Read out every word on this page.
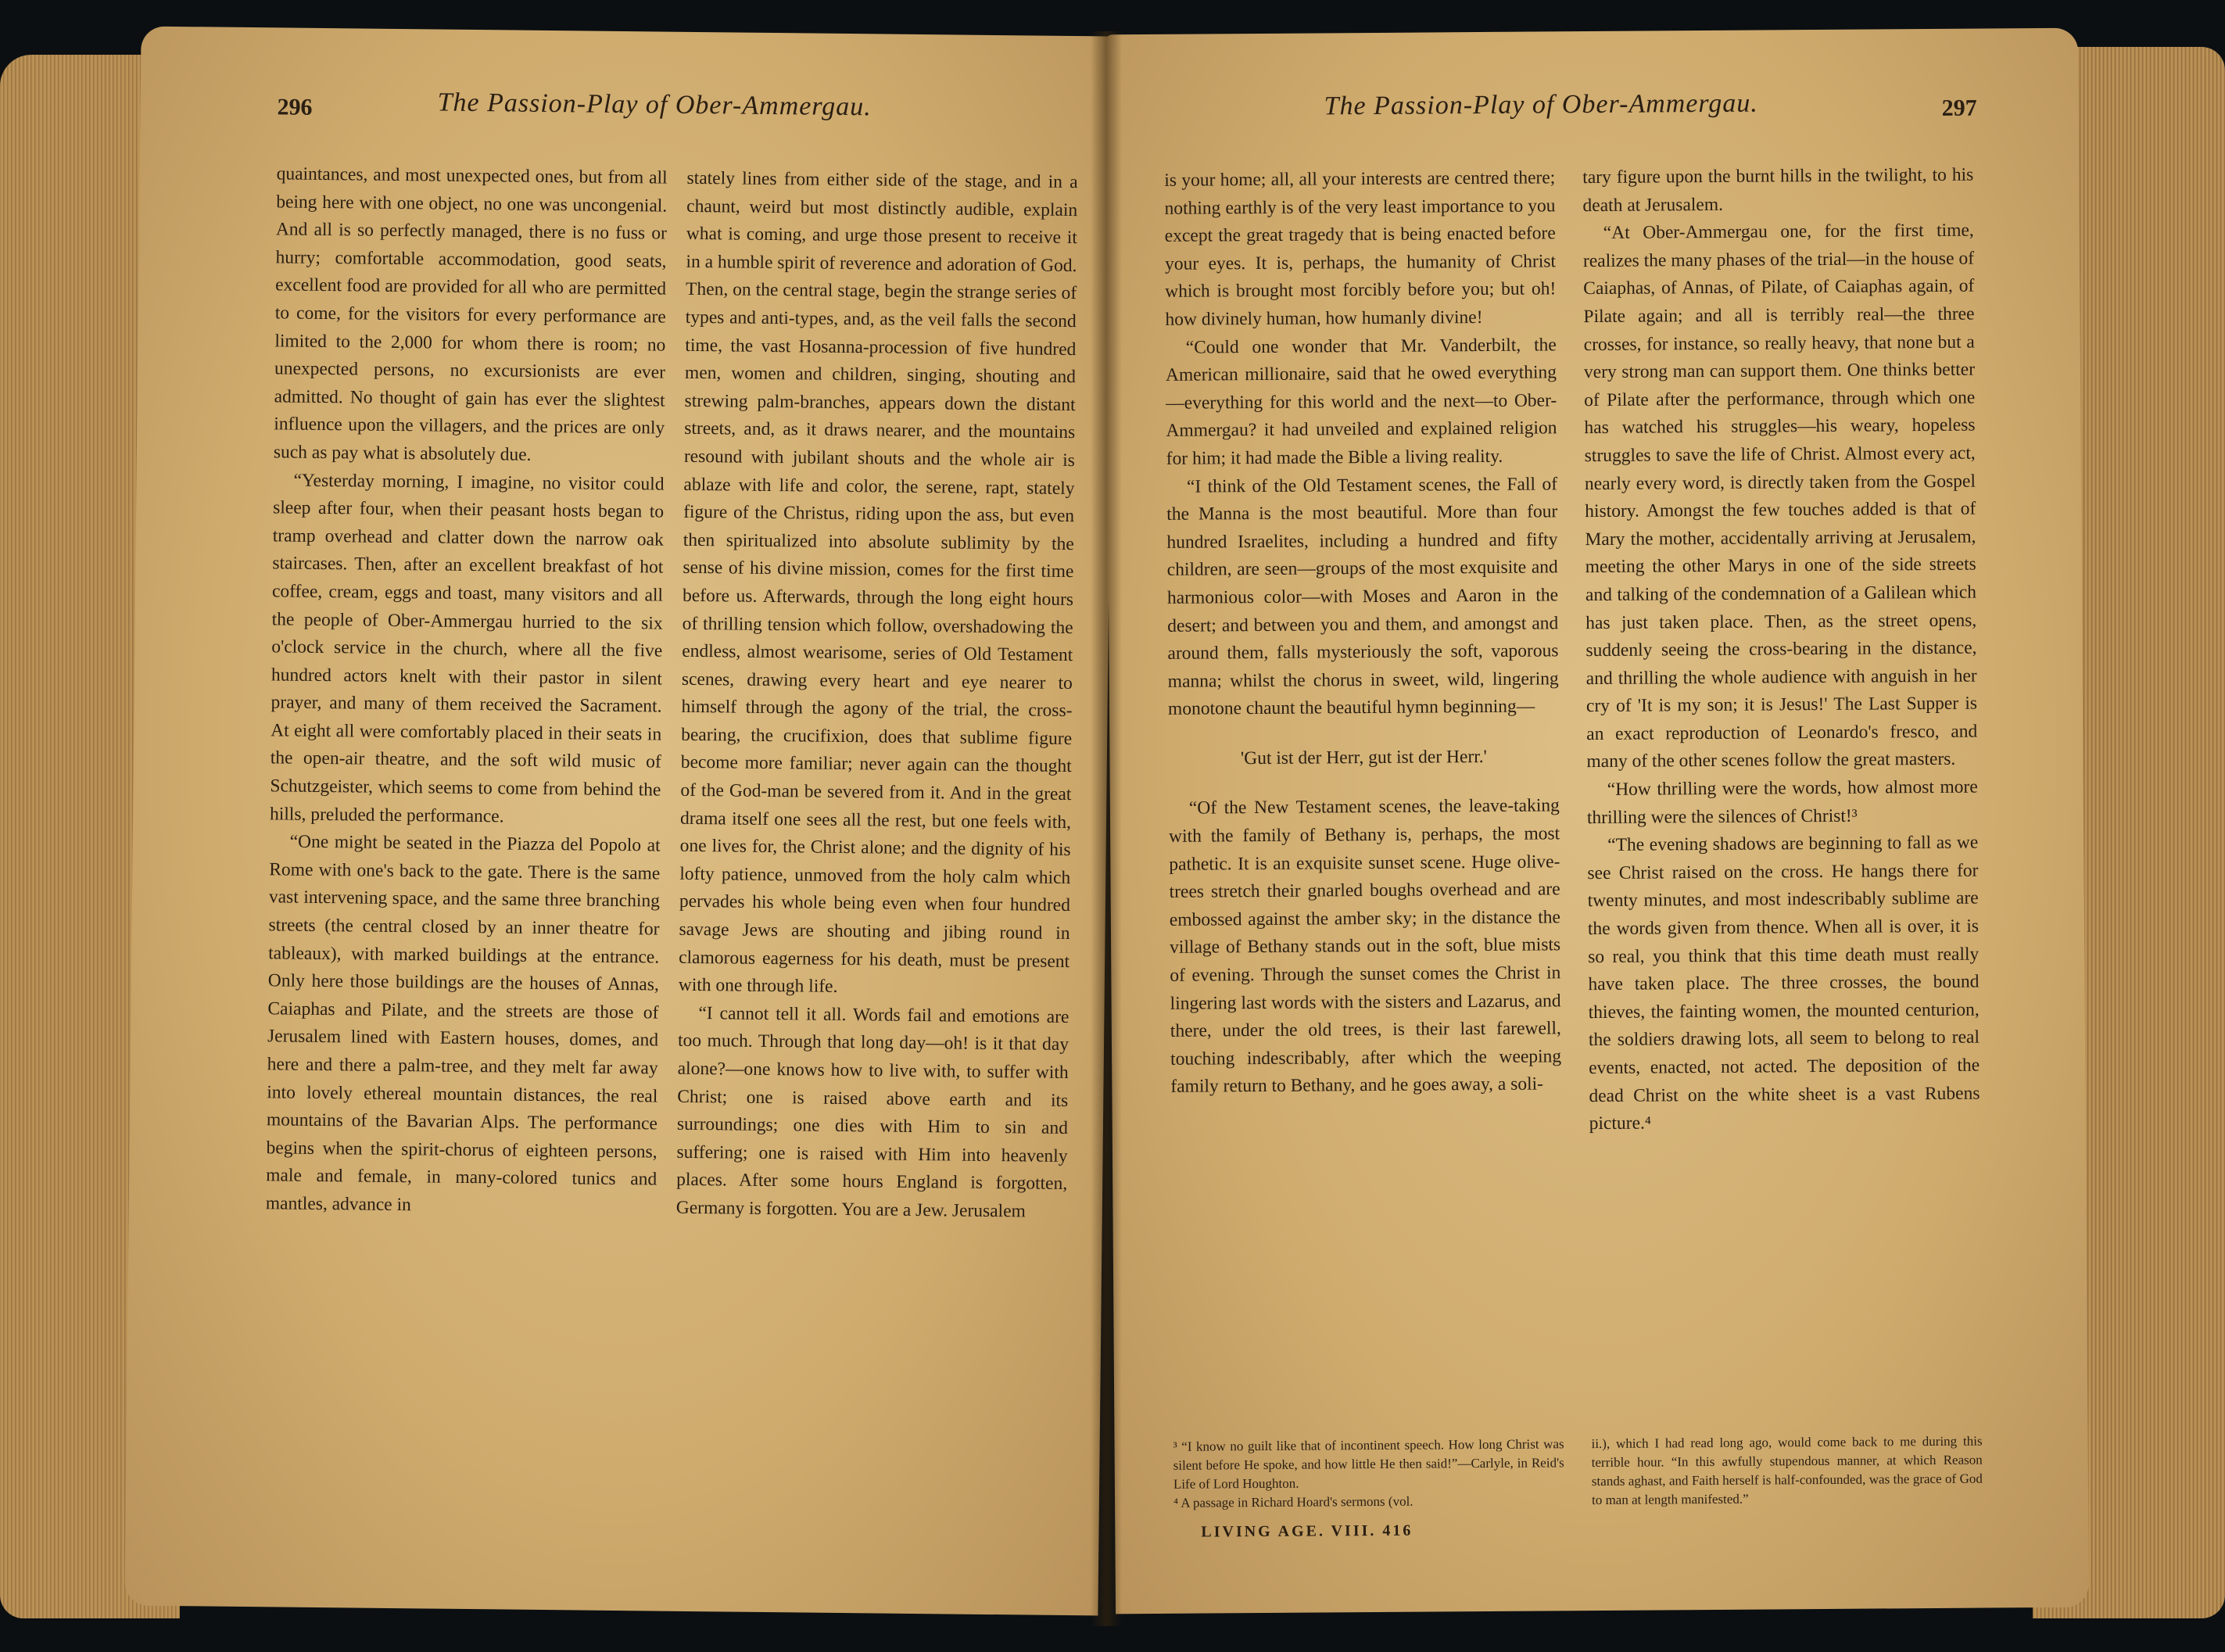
296	The Passion-Play of Ober-Ammergau.

quaintances, and most unexpected ones, but from all being here with one object, no one was uncongenial. And all is so perfectly managed, there is no fuss or hurry; comfortable accommodation, good seats, excellent food are provided for all who are permitted to come, for the visitors for every performance are limited to the 2,000 for whom there is room; no unexpected persons, no excursionists are ever admitted. No thought of gain has ever the slightest influence upon the villagers, and the prices are only such as pay what is absolutely due.

“Yesterday morning, I imagine, no visitor could sleep after four, when their peasant hosts began to tramp overhead and clatter down the narrow oak staircases. Then, after an excellent breakfast of hot coffee, cream, eggs and toast, many visitors and all the people of Ober-Ammergau hurried to the six o'clock service in the church, where all the five hundred actors knelt with their pastor in silent prayer, and many of them received the Sacrament. At eight all were comfortably placed in their seats in the open-air theatre, and the soft wild music of Schutzgeister, which seems to come from behind the hills, preluded the performance.

“One might be seated in the Piazza del Popolo at Rome with one's back to the gate. There is the same vast intervening space, and the same three branching streets (the central closed by an inner theatre for tableaux), with marked buildings at the entrance. Only here those buildings are the houses of Annas, Caiaphas and Pilate, and the streets are those of Jerusalem lined with Eastern houses, domes, and here and there a palm-tree, and they melt far away into lovely ethereal mountain distances, the real mountains of the Bavarian Alps. The performance begins when the spirit-chorus of eighteen persons, male and female, in many-colored tunics and mantles, advance in

stately lines from either side of the stage, and in a chaunt, weird but most distinctly audible, explain what is coming, and urge those present to receive it in a humble spirit of reverence and adoration of God. Then, on the central stage, begin the strange series of types and anti-types, and, as the veil falls the second time, the vast Hosanna-procession of five hundred men, women and children, singing, shouting and strewing palm-branches, appears down the distant streets, and, as it draws nearer, and the mountains resound with jubilant shouts and the whole air is ablaze with life and color, the serene, rapt, stately figure of the Christus, riding upon the ass, but even then spiritualized into absolute sublimity by the sense of his divine mission, comes for the first time before us. Afterwards, through the long eight hours of thrilling tension which follow, overshadowing the endless, almost wearisome, series of Old Testament scenes, drawing every heart and eye nearer to himself through the agony of the trial, the cross-bearing, the crucifixion, does that sublime figure become more familiar; never again can the thought of the God-man be severed from it. And in the great drama itself one sees all the rest, but one feels with, one lives for, the Christ alone; and the dignity of his lofty patience, unmoved from the holy calm which pervades his whole being even when four hundred savage Jews are shouting and jibing round in clamorous eagerness for his death, must be present with one through life.

“I cannot tell it all. Words fail and emotions are too much. Through that long day—oh! is it that day alone?—one knows how to live with, to suffer with Christ; one is raised above earth and its surroundings; one dies with Him to sin and suffering; one is raised with Him into heavenly places. After some hours England is forgotten, Germany is forgotten. You are a Jew. Jerusalem

The Passion-Play of Ober-Ammergau.	297

is your home; all, all your interests are centred there; nothing earthly is of the very least importance to you except the great tragedy that is being enacted before your eyes. It is, perhaps, the humanity of Christ which is brought most forcibly before you; but oh! how divinely human, how humanly divine!

“Could one wonder that Mr. Vanderbilt, the American millionaire, said that he owed everything—everything for this world and the next—to Ober-Ammergau? it had unveiled and explained religion for him; it had made the Bible a living reality.

“I think of the Old Testament scenes, the Fall of the Manna is the most beautiful. More than four hundred Israelites, including a hundred and fifty children, are seen—groups of the most exquisite and harmonious color—with Moses and Aaron in the desert; and between you and them, and amongst and around them, falls mysteriously the soft, vaporous manna; whilst the chorus in sweet, wild, lingering monotone chaunt the beautiful hymn beginning—

'Gut ist der Herr, gut ist der Herr.'

“Of the New Testament scenes, the leave-taking with the family of Bethany is, perhaps, the most pathetic. It is an exquisite sunset scene. Huge olive-trees stretch their gnarled boughs overhead and are embossed against the amber sky; in the distance the village of Bethany stands out in the soft, blue mists of evening. Through the sunset comes the Christ in lingering last words with the sisters and Lazarus, and there, under the old trees, is their last farewell, touching indescribably, after which the weeping family return to Bethany, and he goes away, a soli-

tary figure upon the burnt hills in the twilight, to his death at Jerusalem.

“At Ober-Ammergau one, for the first time, realizes the many phases of the trial—in the house of Caiaphas, of Annas, of Pilate, of Caiaphas again, of Pilate again; and all is terribly real—the three crosses, for instance, so really heavy, that none but a very strong man can support them. One thinks better of Pilate after the performance, through which one has watched his struggles—his weary, hopeless struggles to save the life of Christ. Almost every act, nearly every word, is directly taken from the Gospel history. Amongst the few touches added is that of Mary the mother, accidentally arriving at Jerusalem, meeting the other Marys in one of the side streets and talking of the condemnation of a Galilean which has just taken place. Then, as the street opens, suddenly seeing the cross-bearing in the distance, and thrilling the whole audience with anguish in her cry of 'It is my son; it is Jesus!' The Last Supper is an exact reproduction of Leonardo's fresco, and many of the other scenes follow the great masters.

“How thrilling were the words, how almost more thrilling were the silences of Christ!³

“The evening shadows are beginning to fall as we see Christ raised on the cross. He hangs there for twenty minutes, and most indescribably sublime are the words given from thence. When all is over, it is so real, you think that this time death must really have taken place. The three crosses, the bound thieves, the fainting women, the mounted centurion, the soldiers drawing lots, all seem to belong to real events, enacted, not acted. The deposition of the dead Christ on the white sheet is a vast Rubens picture.⁴

³ “I know no guilt like that of incontinent speech. How long Christ was silent before He spoke, and how little He then said!”—Carlyle, in Reid's Life of Lord Houghton.

⁴ A passage in Richard Hoard's sermons (vol.

ii.), which I had read long ago, would come back to me during this terrible hour. “In this awfully stupendous manner, at which Reason stands aghast, and Faith herself is half-confounded, was the grace of God to man at length manifested.”

LIVING AGE. VIII. 416
